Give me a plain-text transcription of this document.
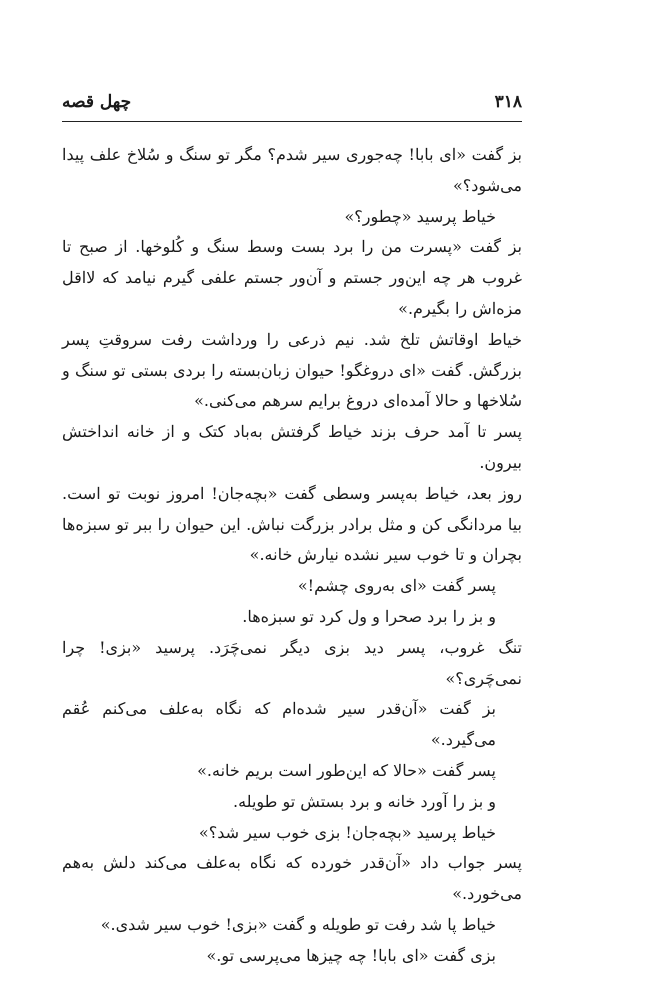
چهل قصه	۳۱۸

بز گفت «ای بابا! چه‌جوری سیر شدم؟ مگر تو سنگ و سُلاخ علف پیدا می‌شود؟»

خیاط پرسید «چطور؟»

بز گفت «پسرت من را برد بست وسط سنگ و کُلوخها. از صبح تا غروب هر چه این‌ور جستم و آن‌ور جستم علفی گیرم نیامد که لااقل مزه‌اش را بگیرم.»

خیاط اوقاتش تلخ شد. نیم ذرعی را ورداشت رفت سروقتِ پسر بزرگش. گفت «ای دروغگو! حیوان زبان‌بسته را بردی بستی تو سنگ و سُلاخها و حالا آمده‌ای دروغ برایم سرهم می‌کنی.»

پسر تا آمد حرف بزند خیاط گرفتش به‌باد کتک و از خانه انداختش بیرون.

روز بعد، خیاط به‌پسر وسطی گفت «بچه‌جان! امروز نوبت تو است. بیا مردانگی کن و مثل برادر بزرگت نباش. این حیوان را ببر تو سبزه‌ها بچران و تا خوب سیر نشده نیارش خانه.»

پسر گفت «ای به‌روی چشم!»

و بز را برد صحرا و ول کرد تو سبزه‌ها.

تنگ غروب، پسر دید بزی دیگر نمی‌چَرَد. پرسید «بزی! چرا نمی‌چَری؟»

بز گفت «آن‌قدر سیر شده‌ام که نگاه به‌علف می‌کنم عُقم می‌گیرد.»

پسر گفت «حالا که این‌طور است بریم خانه.»

و بز را آورد خانه و برد بستش تو طویله.

خیاط پرسید «بچه‌جان! بزی خوب سیر شد؟»

پسر جواب داد «آن‌قدر خورده که نگاه به‌علف می‌کند دلش به‌هم می‌خورد.»

خیاط پا شد رفت تو طویله و گفت «بزی! خوب سیر شدی.»

بزی گفت «ای بابا! چه چیزها می‌پرسی تو.»
